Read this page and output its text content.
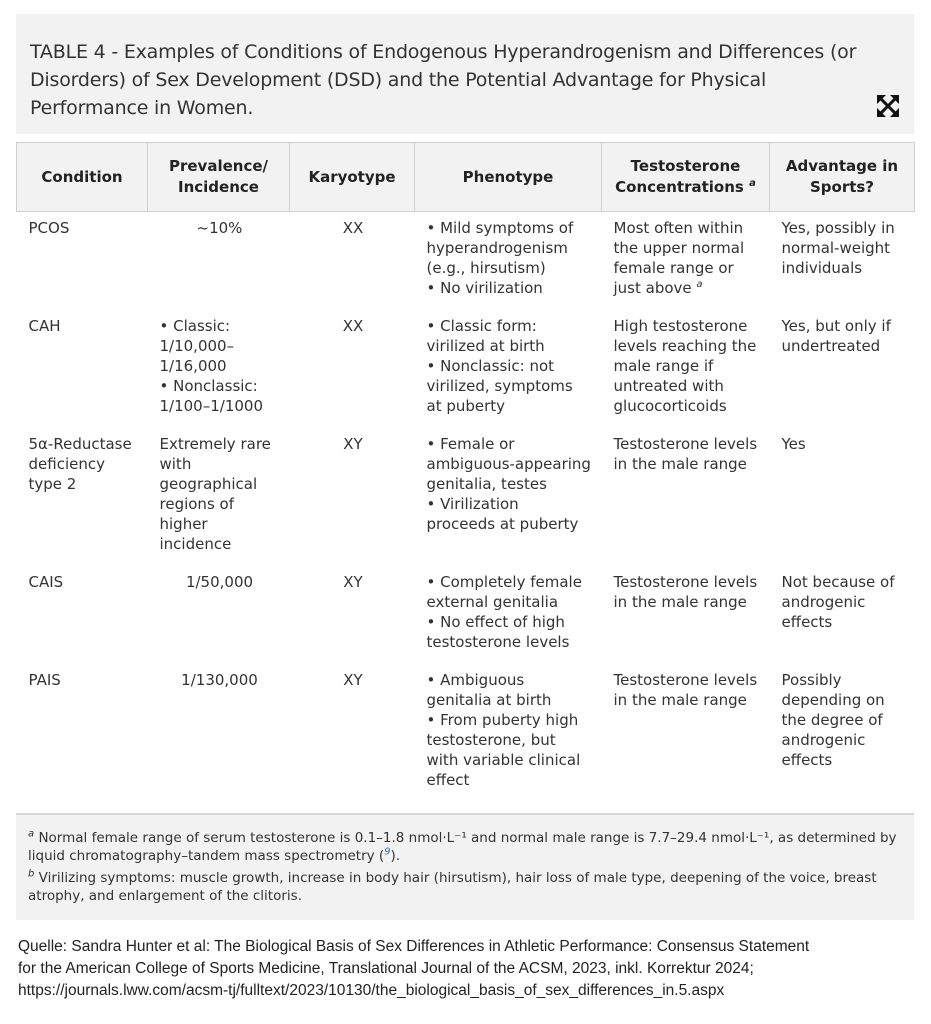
TABLE 4 - Examples of Conditions of Endogenous Hyperandrogenism and Differences (or Disorders) of Sex Development (DSD) and the Potential Advantage for Physical Performance in Women.

Condition	Prevalence/ Incidence	Karyotype	Phenotype	Testosterone Concentrations $^a$	Advantage in Sports?

PCOS	~10%	XX	• Mild symptoms of hyperandrogenism (e.g., hirsutism)
• No virilization	Most often within the upper normal female range or just above $^a$	Yes, possibly in normal-weight individuals

CAH	• Classic: 1/10,000–1/16,000
• Nonclassic: 1/100–1/1000	XX	• Classic form: virilized at birth
• Nonclassic: not virilized, symptoms at puberty	High testosterone levels reaching the male range if untreated with glucocorticoids	Yes, but only if undertreated

5α-Reductase deficiency type 2	Extremely rare with geographical regions of higher incidence	XY	• Female or ambiguous-appearing genitalia, testes
• Virilization proceeds at puberty	Testosterone levels in the male range	Yes

CAIS	1/50,000	XY	• Completely female external genitalia
• No effect of high testosterone levels	Testosterone levels in the male range	Not because of androgenic effects

PAIS	1/130,000	XY	• Ambiguous genitalia at birth
• From puberty high testosterone, but with variable clinical effect	Testosterone levels in the male range	Possibly depending on the degree of androgenic effects

$^a$ Normal female range of serum testosterone is 0.1–1.8 nmol·L⁻¹ and normal male range is 7.7–29.4 nmol·L⁻¹, as determined by liquid chromatography–tandem mass spectrometry ($^9$).

$^b$ Virilizing symptoms: muscle growth, increase in body hair (hirsutism), hair loss of male type, deepening of the voice, breast atrophy, and enlargement of the clitoris.

Quelle: Sandra Hunter et al: The Biological Basis of Sex Differences in Athletic Performance: Consensus Statement
for the American College of Sports Medicine, Translational Journal of the ACSM, 2023, inkl. Korrektur 2024;
https://journals.lww.com/acsm-tj/fulltext/2023/10130/the_biological_basis_of_sex_differences_in.5.aspx
